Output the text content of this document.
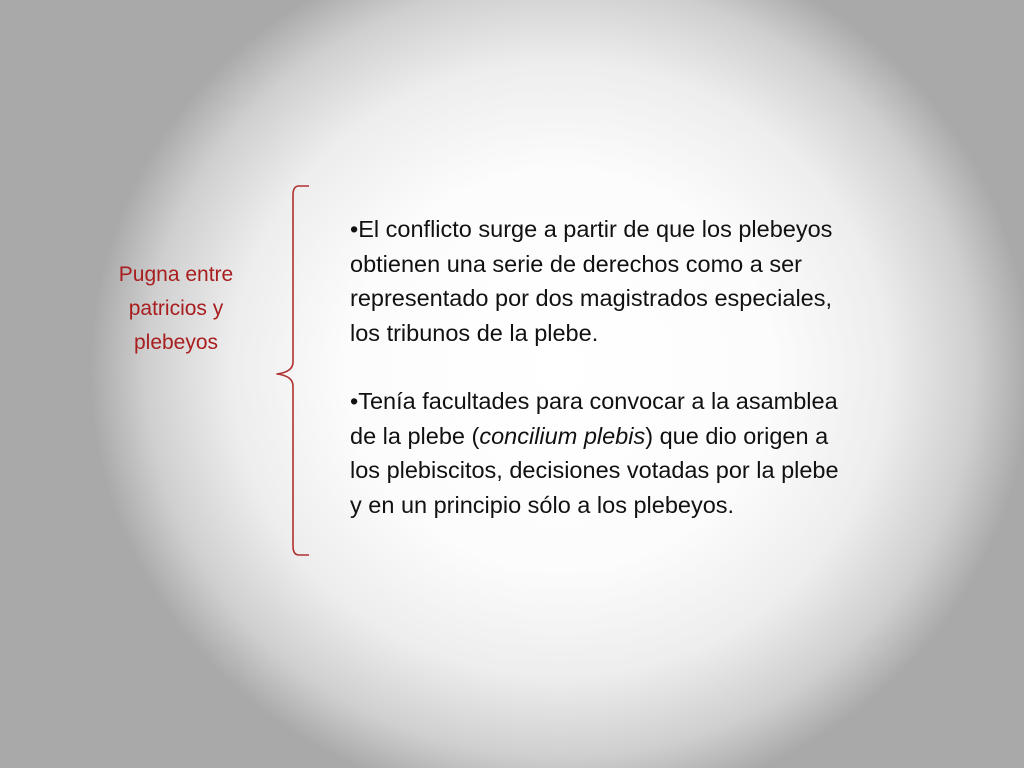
Pugna entre
patricios y
plebeyos
•El conflicto surge a partir de que los plebeyos
obtienen una serie de derechos como a ser
representado por dos magistrados especiales,
los tribunos de la plebe.
•Tenía facultades para convocar a la asamblea
de la plebe (concilium plebis) que dio origen a
los plebiscitos, decisiones votadas por la plebe
y en un principio sólo a los plebeyos.
